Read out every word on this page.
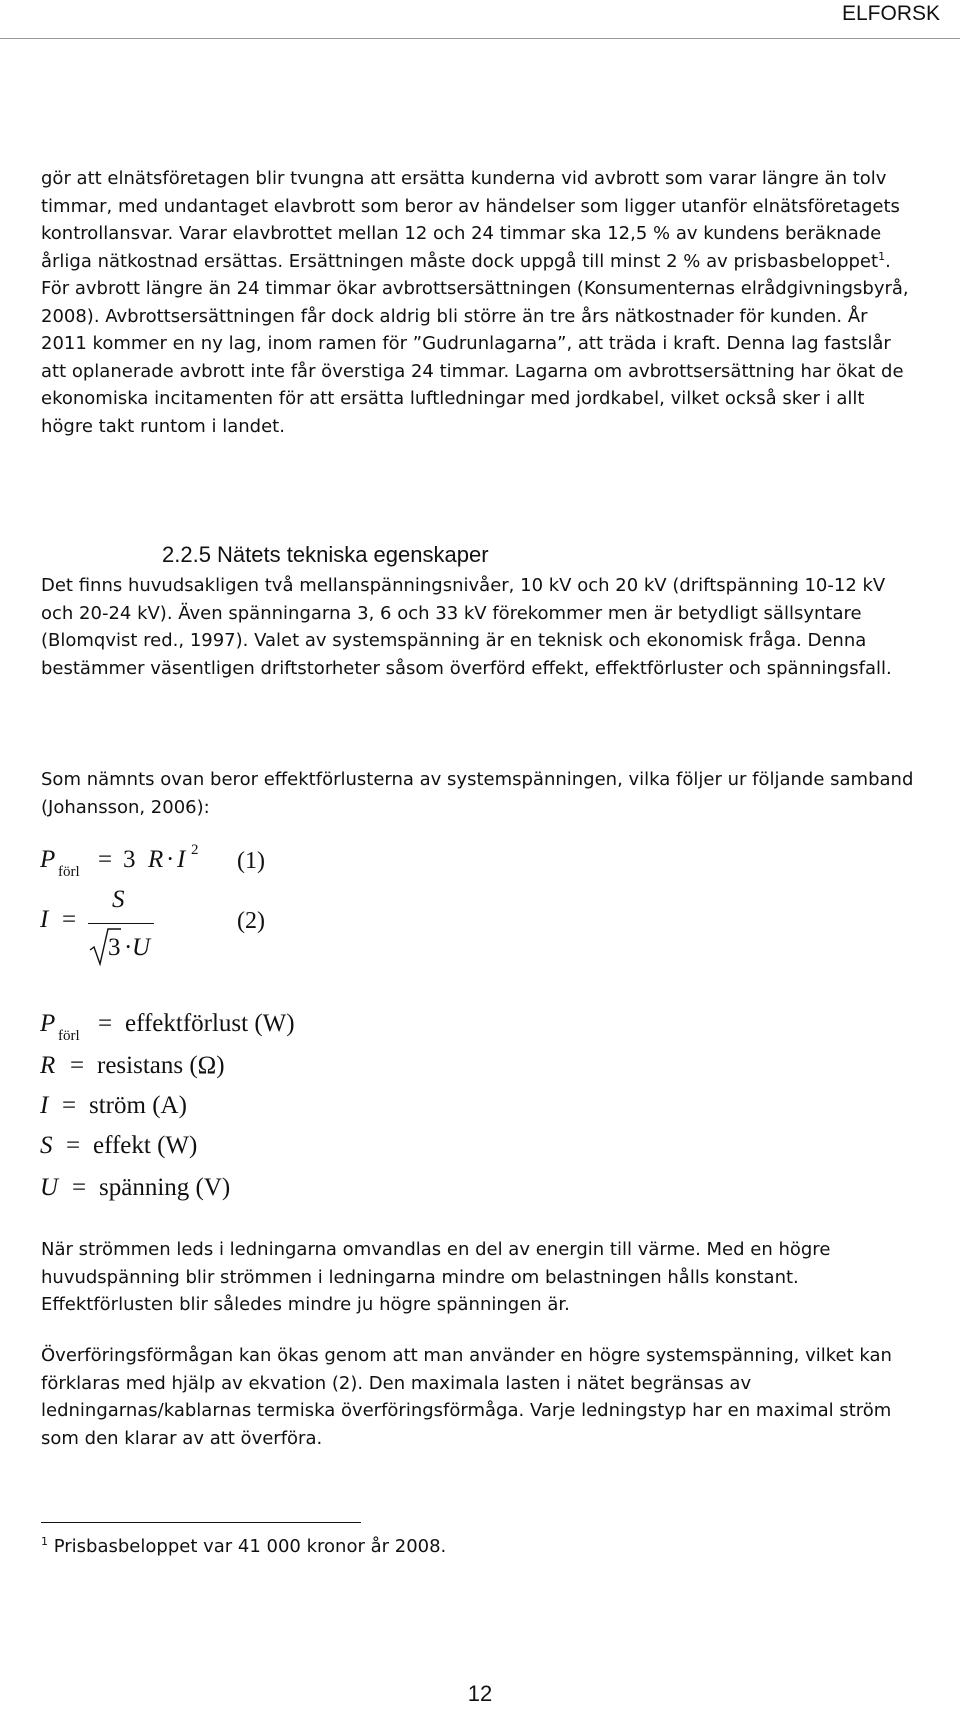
ELFORSK

gör att elnätsföretagen blir tvungna att ersätta kunderna vid avbrott som varar längre än tolv timmar, med undantaget elavbrott som beror av händelser som ligger utanför elnätsföretagets kontrollansvar. Varar elavbrottet mellan 12 och 24 timmar ska 12,5 % av kundens beräknade årliga nätkostnad ersättas. Ersättningen måste dock uppgå till minst 2 % av prisbasbeloppet$^1$. För avbrott längre än 24 timmar ökar avbrottsersättningen (Konsumenternas elrådgivningsbyrå, 2008). Avbrottsersättningen får dock aldrig bli större än tre års nätkostnader för kunden. År 2011 kommer en ny lag, inom ramen för ”Gudrunlagarna”, att träda i kraft. Denna lag fastslår att oplanerade avbrott inte får överstiga 24 timmar. Lagarna om avbrottsersättning har ökat de ekonomiska incitamenten för att ersätta luftledningar med jordkabel, vilket också sker i allt högre takt runtom i landet.

2.2.5 Nätets tekniska egenskaper

Det finns huvudsakligen två mellanspänningsnivåer, 10 kV och 20 kV (driftspänning 10-12 kV och 20-24 kV). Även spänningarna 3, 6 och 33 kV förekommer men är betydligt sällsyntare (Blomqvist red., 1997). Valet av systemspänning är en teknisk och ekonomisk fråga. Denna bestämmer väsentligen driftstorheter såsom överförd effekt, effektförluster och spänningsfall.

Som nämnts ovan beror effektförlusterna av systemspänningen, vilka följer ur följande samband (Johansson, 2006):

P förl = 3 R · I 2 (1)
I =
S
3 · U
(2)
P förl = effektförlust (W)
R = resistans (Ω)
I = ström (A)
S = effekt (W)
U = spänning (V)

När strömmen leds i ledningarna omvandlas en del av energin till värme. Med en högre huvudspänning blir strömmen i ledningarna mindre om belastningen hålls konstant. Effektförlusten blir således mindre ju högre spänningen är.

Överföringsförmågan kan ökas genom att man använder en högre systemspänning, vilket kan förklaras med hjälp av ekvation (2). Den maximala lasten i nätet begränsas av ledningarnas/kablarnas termiska överföringsförmåga. Varje ledningstyp har en maximal ström som den klarar av att överföra.

$^1$ Prisbasbeloppet var 41 000 kronor år 2008.
12
